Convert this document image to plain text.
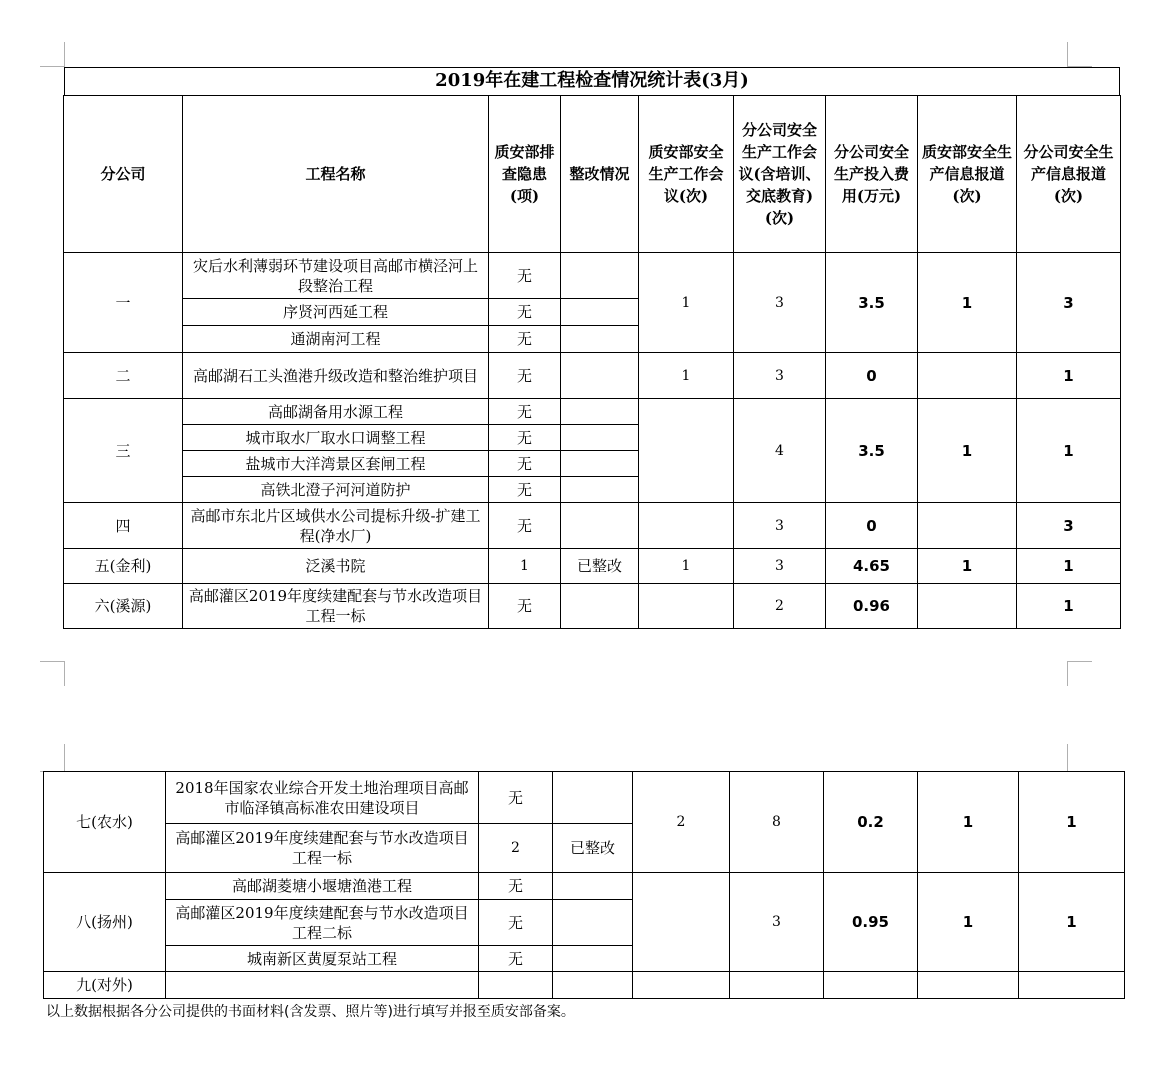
2019年在建工程检查情况统计表(3月)
分公司	工程名称	质安部排查隐患(项)	整改情况	质安部安全生产工作会议(次)	分公司安全生产工作会议(含培训、交底教育)(次)	分公司安全生产投入费用(万元)	质安部安全生产信息报道(次)	分公司安全生产信息报道(次)
一	灾后水利薄弱环节建设项目高邮市横泾河上段整治工程	无		1	3	3.5	1	3
	序贤河西延工程	无						
	通湖南河工程	无						
二	高邮湖石工头渔港升级改造和整治维护项目	无		1	3	0		1
三	高邮湖备用水源工程	无			4	3.5	1	1
	城市取水厂取水口调整工程	无						
	盐城市大洋湾景区套闸工程	无						
	高铁北澄子河河道防护	无						
四	高邮市东北片区域供水公司提标升级-扩建工程(净水厂)	无			3	0		3
五(金利)	泛溪书院	1	已整改	1	3	4.65	1	1
六(溪源)	高邮灌区2019年度续建配套与节水改造项目工程一标	无			2	0.96		1
七(农水)	2018年国家农业综合开发土地治理项目高邮市临泽镇高标准农田建设项目	无		2	8	0.2	1	1
	高邮灌区2019年度续建配套与节水改造项目工程一标	2	已整改					
八(扬州)	高邮湖菱塘小堰塘渔港工程	无			3	0.95	1	1
	高邮灌区2019年度续建配套与节水改造项目工程二标	无						
	城南新区黄厦泵站工程	无						
九(对外)								
以上数据根据各分公司提供的书面材料(含发票、照片等)进行填写并报至质安部备案。
